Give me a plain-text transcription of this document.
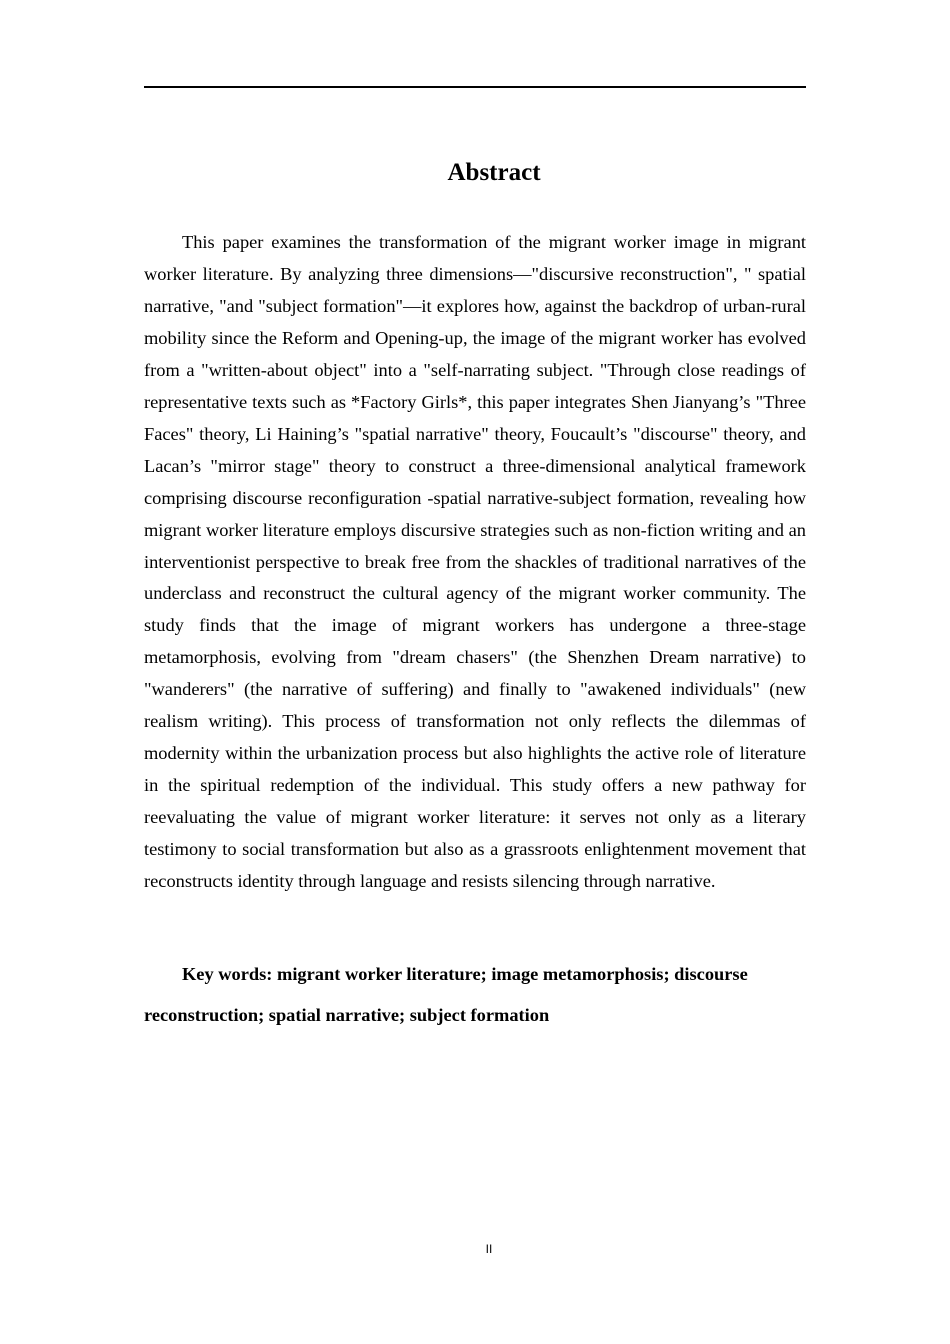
Abstract

This paper examines the transformation of the migrant worker image in migrant worker literature. By analyzing three dimensions—"discursive reconstruction", " spatial narrative, "and "subject formation"—it explores how, against the backdrop of urban-rural mobility since the Reform and Opening-up, the image of the migrant worker has evolved from a "written-about object" into a "self-narrating subject. "Through close readings of representative texts such as *Factory Girls*, this paper integrates Shen Jianyang’s "Three Faces" theory, Li Haining’s "spatial narrative" theory, Foucault’s "discourse" theory, and Lacan’s "mirror stage" theory to construct a three-dimensional analytical framework comprising discourse reconfiguration -spatial narrative-subject formation, revealing how migrant worker literature employs discursive strategies such as non-fiction writing and an interventionist perspective to break free from the shackles of traditional narratives of the underclass and reconstruct the cultural agency of the migrant worker community. The study finds that the image of migrant workers has undergone a three-stage metamorphosis, evolving from "dream chasers" (the Shenzhen Dream narrative) to "wanderers" (the narrative of suffering) and finally to "awakened individuals" (new realism writing). This process of transformation not only reflects the dilemmas of modernity within the urbanization process but also highlights the active role of literature in the spiritual redemption of the individual. This study offers a new pathway for reevaluating the value of migrant worker literature: it serves not only as a literary testimony to social transformation but also as a grassroots enlightenment movement that reconstructs identity through language and resists silencing through narrative.

Key words: migrant worker literature; image metamorphosis; discourse reconstruction; spatial narrative; subject formation

II
